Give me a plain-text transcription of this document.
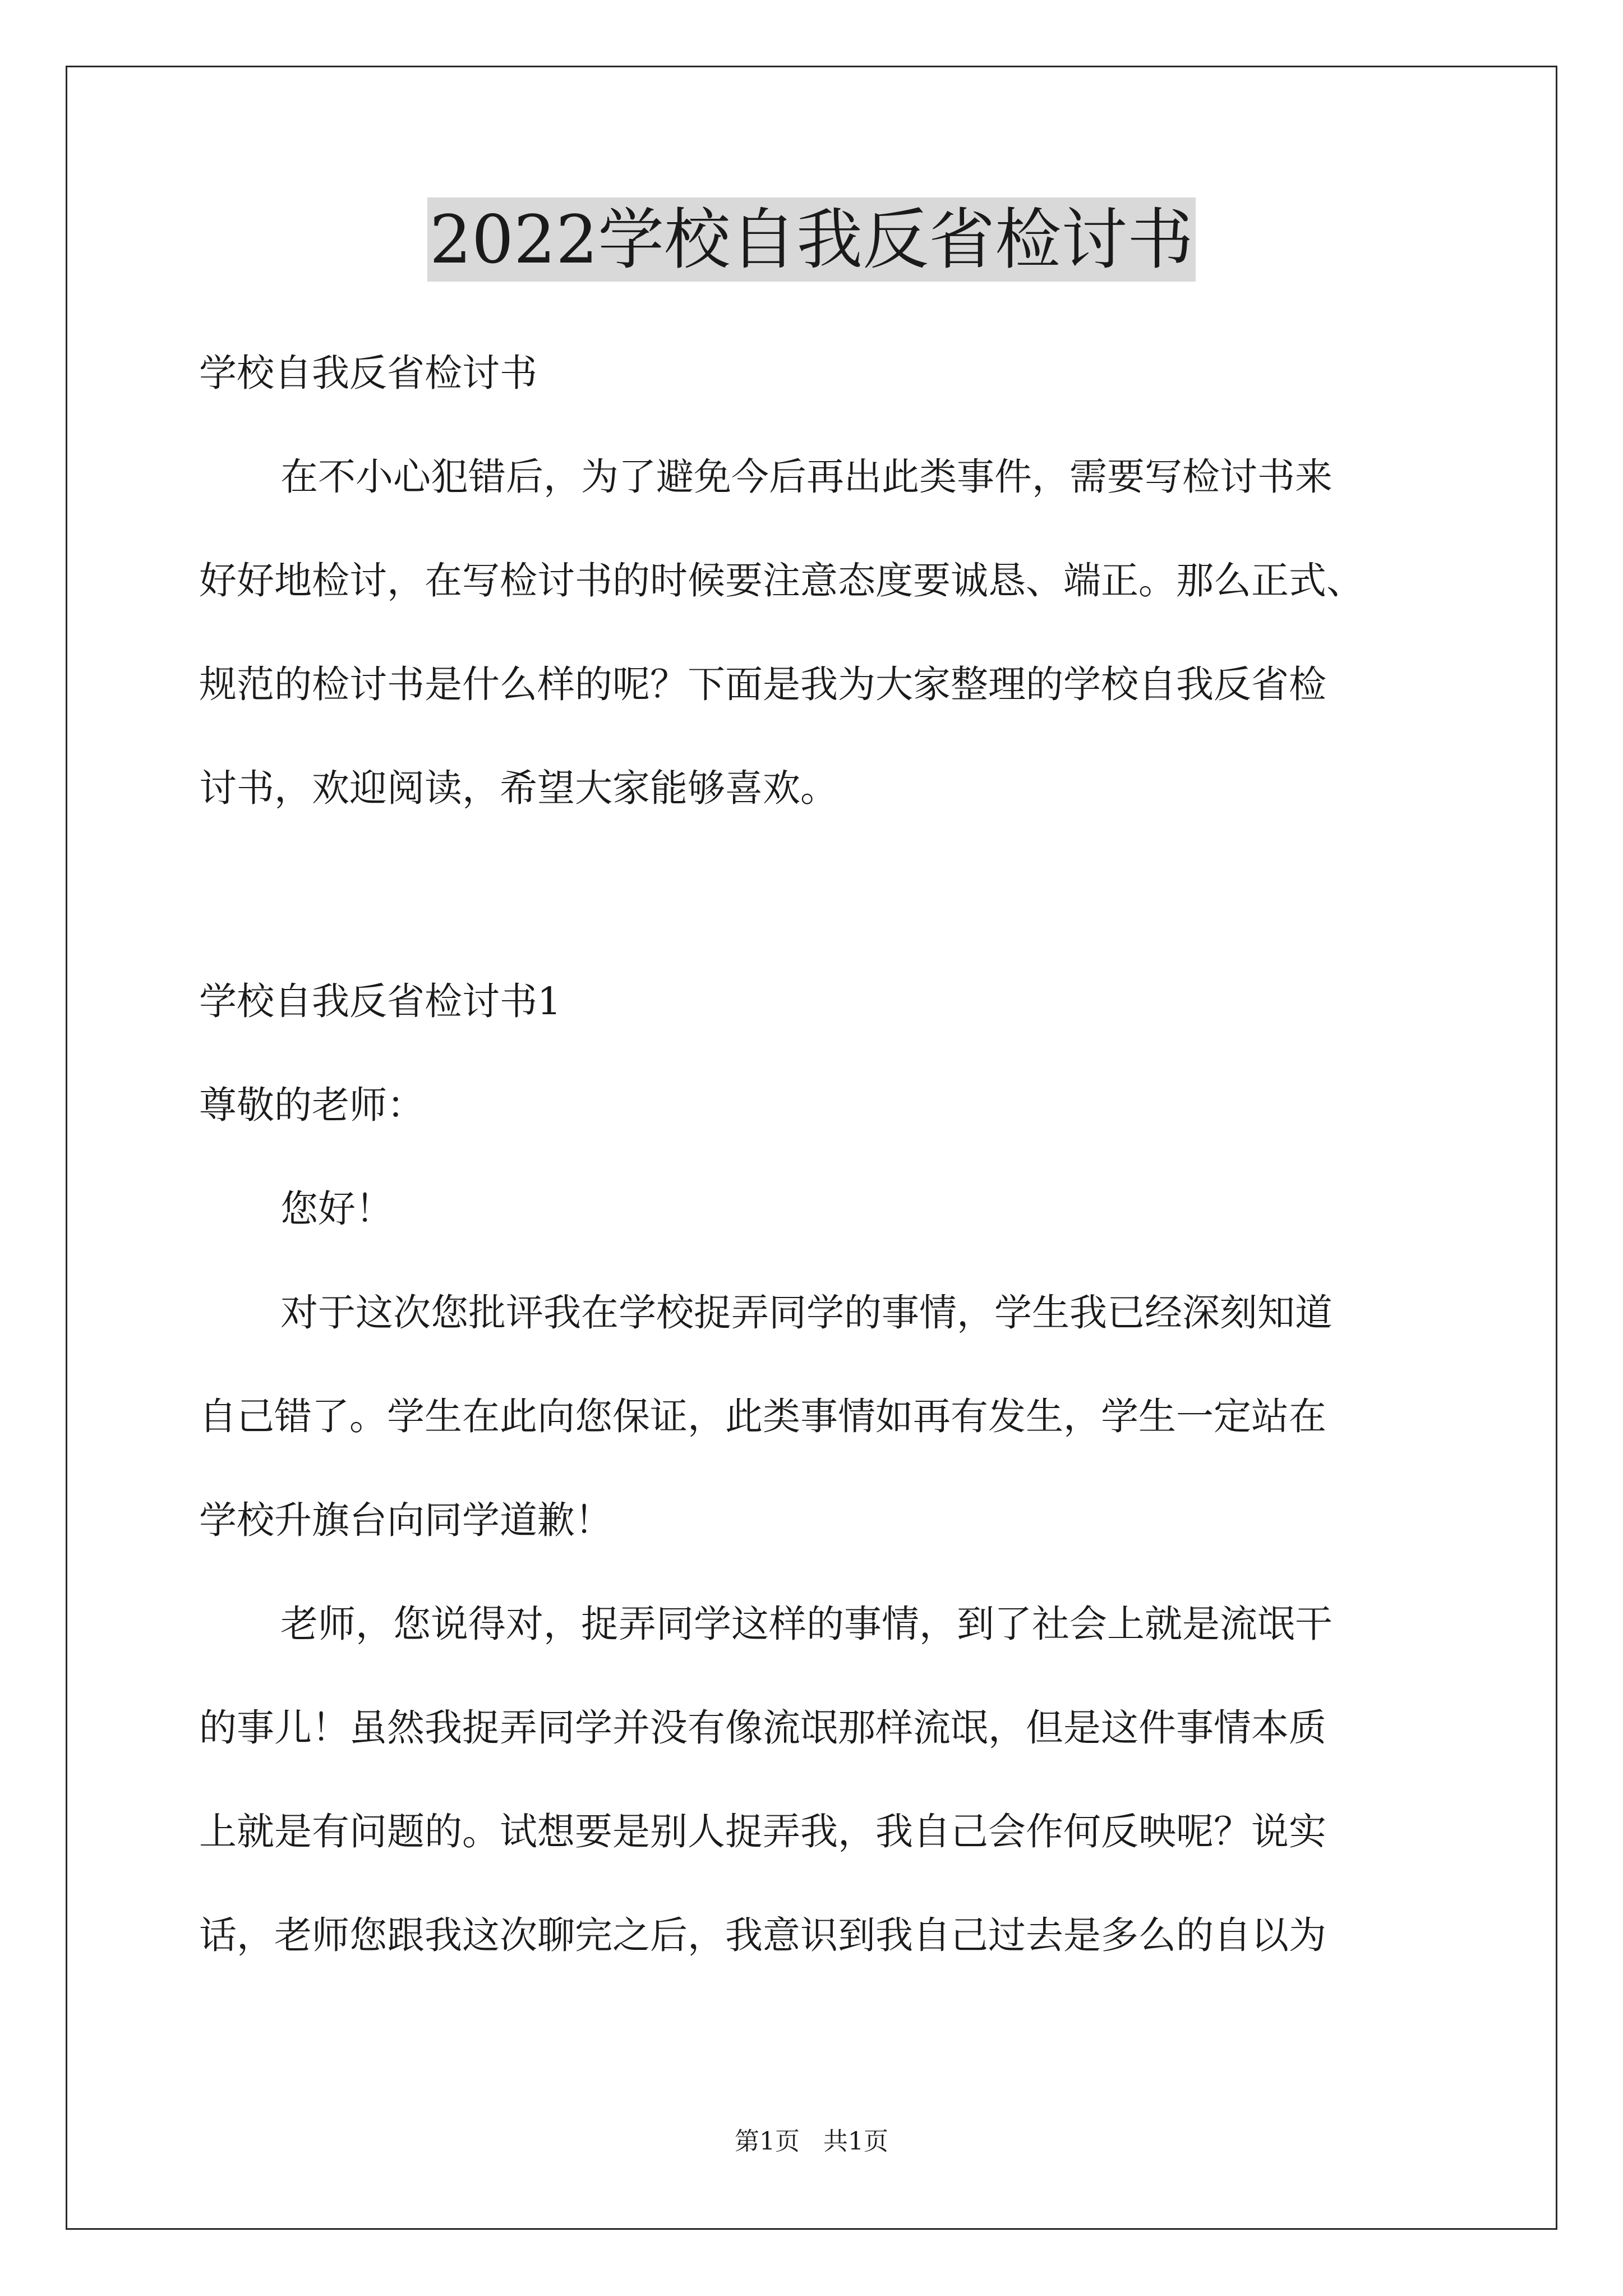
2022学校自我反省检讨书
学校自我反省检讨书
在不小心犯错后，为了避免今后再出此类事件，需要写检讨书来
好好地检讨，在写检讨书的时候要注意态度要诚恳、端正。那么正式、
规范的检讨书是什么样的呢？下面是我为大家整理的学校自我反省检
讨书，欢迎阅读，希望大家能够喜欢。
学校自我反省检讨书1
尊敬的老师：
您好！
对于这次您批评我在学校捉弄同学的事情，学生我已经深刻知道
自己错了。学生在此向您保证，此类事情如再有发生，学生一定站在
学校升旗台向同学道歉！
老师，您说得对，捉弄同学这样的事情，到了社会上就是流氓干
的事儿！虽然我捉弄同学并没有像流氓那样流氓，但是这件事情本质
上就是有问题的。试想要是别人捉弄我，我自己会作何反映呢？说实
话，老师您跟我这次聊完之后，我意识到我自己过去是多么的自以为
第1页   共1页
